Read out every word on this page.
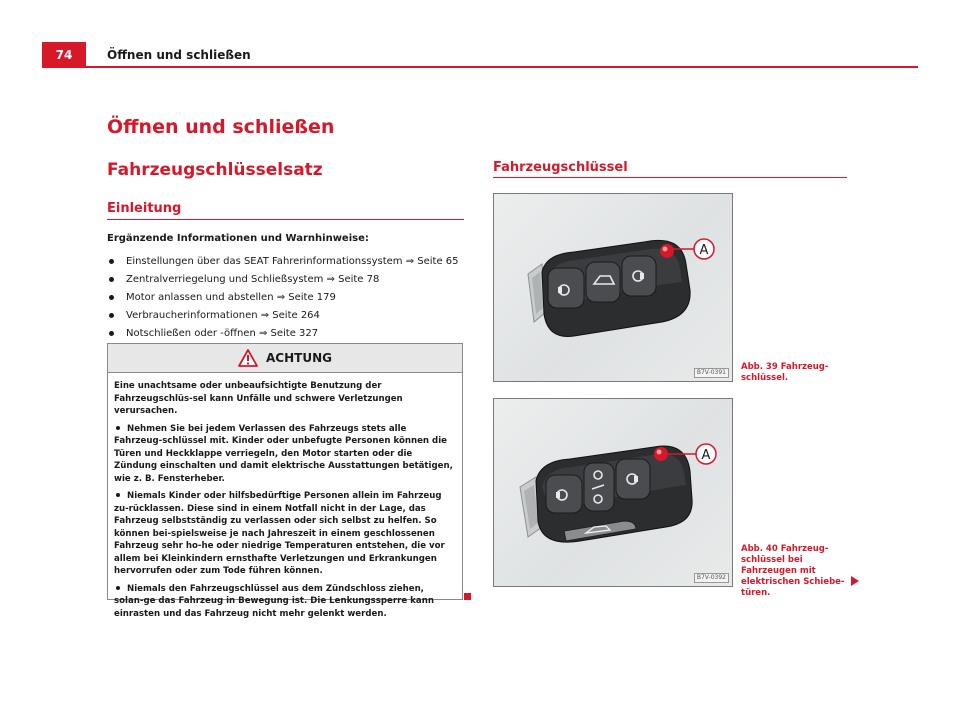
74	Öffnen und schließen
Öffnen und schließen
Fahrzeugschlüsselsatz
Einleitung
Fahrzeugschlüssel
Ergänzende Informationen und Warnhinweise:
Einstellungen über das SEAT Fahrerinformationssystem ⇒ Seite 65
Zentralverriegelung und Schließsystem ⇒ Seite 78
Motor anlassen und abstellen ⇒ Seite 179
Verbraucherinformationen ⇒ Seite 264
Notschließen oder -öffnen ⇒ Seite 327
ACHTUNG

Eine unachtsame oder unbeaufsichtigte Benutzung der Fahrzeugschlüs-sel kann Unfälle und schwere Verletzungen verursachen.

Nehmen Sie bei jedem Verlassen des Fahrzeugs stets alle Fahrzeug-schlüssel mit. Kinder oder unbefugte Personen können die Türen und Heckklappe verriegeln, den Motor starten oder die Zündung einschalten und damit elektrische Ausstattungen betätigen, wie z. B. Fensterheber.

Niemals Kinder oder hilfsbedürftige Personen allein im Fahrzeug zu-rücklassen. Diese sind in einem Notfall nicht in der Lage, das Fahrzeug selbstständig zu verlassen oder sich selbst zu helfen. So können bei-spielsweise je nach Jahreszeit in einem geschlossenen Fahrzeug sehr ho-he oder niedrige Temperaturen entstehen, die vor allem bei Kleinkindern ernsthafte Verletzungen und Erkrankungen hervorrufen oder zum Tode führen können.

Niemals den Fahrzeugschlüssel aus dem Zündschloss ziehen, solan-ge das Fahrzeug in Bewegung ist. Die Lenkungssperre kann einrasten und das Fahrzeug nicht mehr gelenkt werden.

A
B7V-0391
Abb. 39 Fahrzeug-schlüssel.
A
B7V-0392
Abb. 40 Fahrzeug-schlüssel bei Fahrzeugen mit elektrischen Schiebe-türen.
